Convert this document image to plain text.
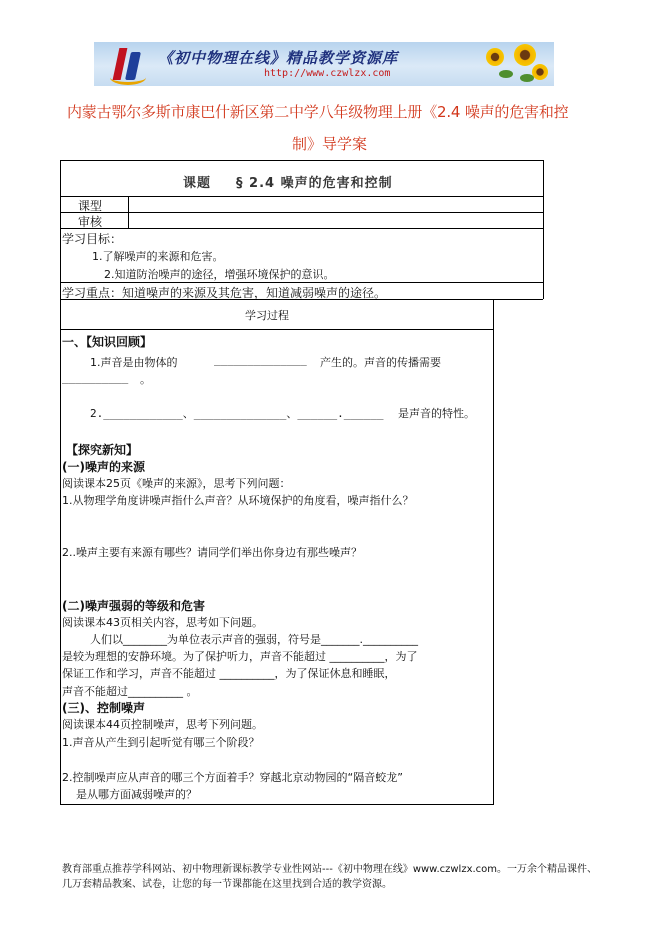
《初中物理在线》精品教学资源库
http://www.czwlzx.com
内蒙古鄂尔多斯市康巴什新区第二中学八年级物理上册《2.4 噪声的危害和控
制》导学案
课题 § 2.4 噪声的危害和控制
课型
审核
学习目标：
1.了解噪声的来源和危害。
2.知道防治噪声的途径，增强环境保护的意识。
学习重点：知道噪声的来源及其危害，知道减弱噪声的途径。
学习过程
一、【知识回顾】
1.声音是由物体的	______________ 产生的。声音的传播需要
__________ 。
2.____________、______________、______.______ 是声音的特性。
【探究新知】
(一)噪声的来源
阅读课本25页《噪声的来源》，思考下列问题：
1.从物理学角度讲噪声指什么声音？从环境保护的角度看，噪声指什么？
2..噪声主要有来源有哪些？请同学们举出你身边有那些噪声？
(二)噪声强弱的等级和危害
阅读课本43页相关内容，思考如下问题。
人们以________为单位表示声音的强弱，符号是_______.__________
是较为理想的安静环境。为了保护听力，声音不能超过 __________，为了
保证工作和学习，声音不能超过 __________，为了保证休息和睡眠，
声音不能超过__________ 。
(三)、控制噪声
阅读课本44页控制噪声，思考下列问题。
1.声音从产生到引起听觉有哪三个阶段？
2.控制噪声应从声音的哪三个方面着手？穿越北京动物园的“隔音蛟龙”
是从哪方面减弱噪声的？
教育部重点推荐学科网站、初中物理新课标教学专业性网站---《初中物理在线》www.czwlzx.com。一万余个精品课件、
几万套精品教案、试卷，让您的每一节课都能在这里找到合适的教学资源。
